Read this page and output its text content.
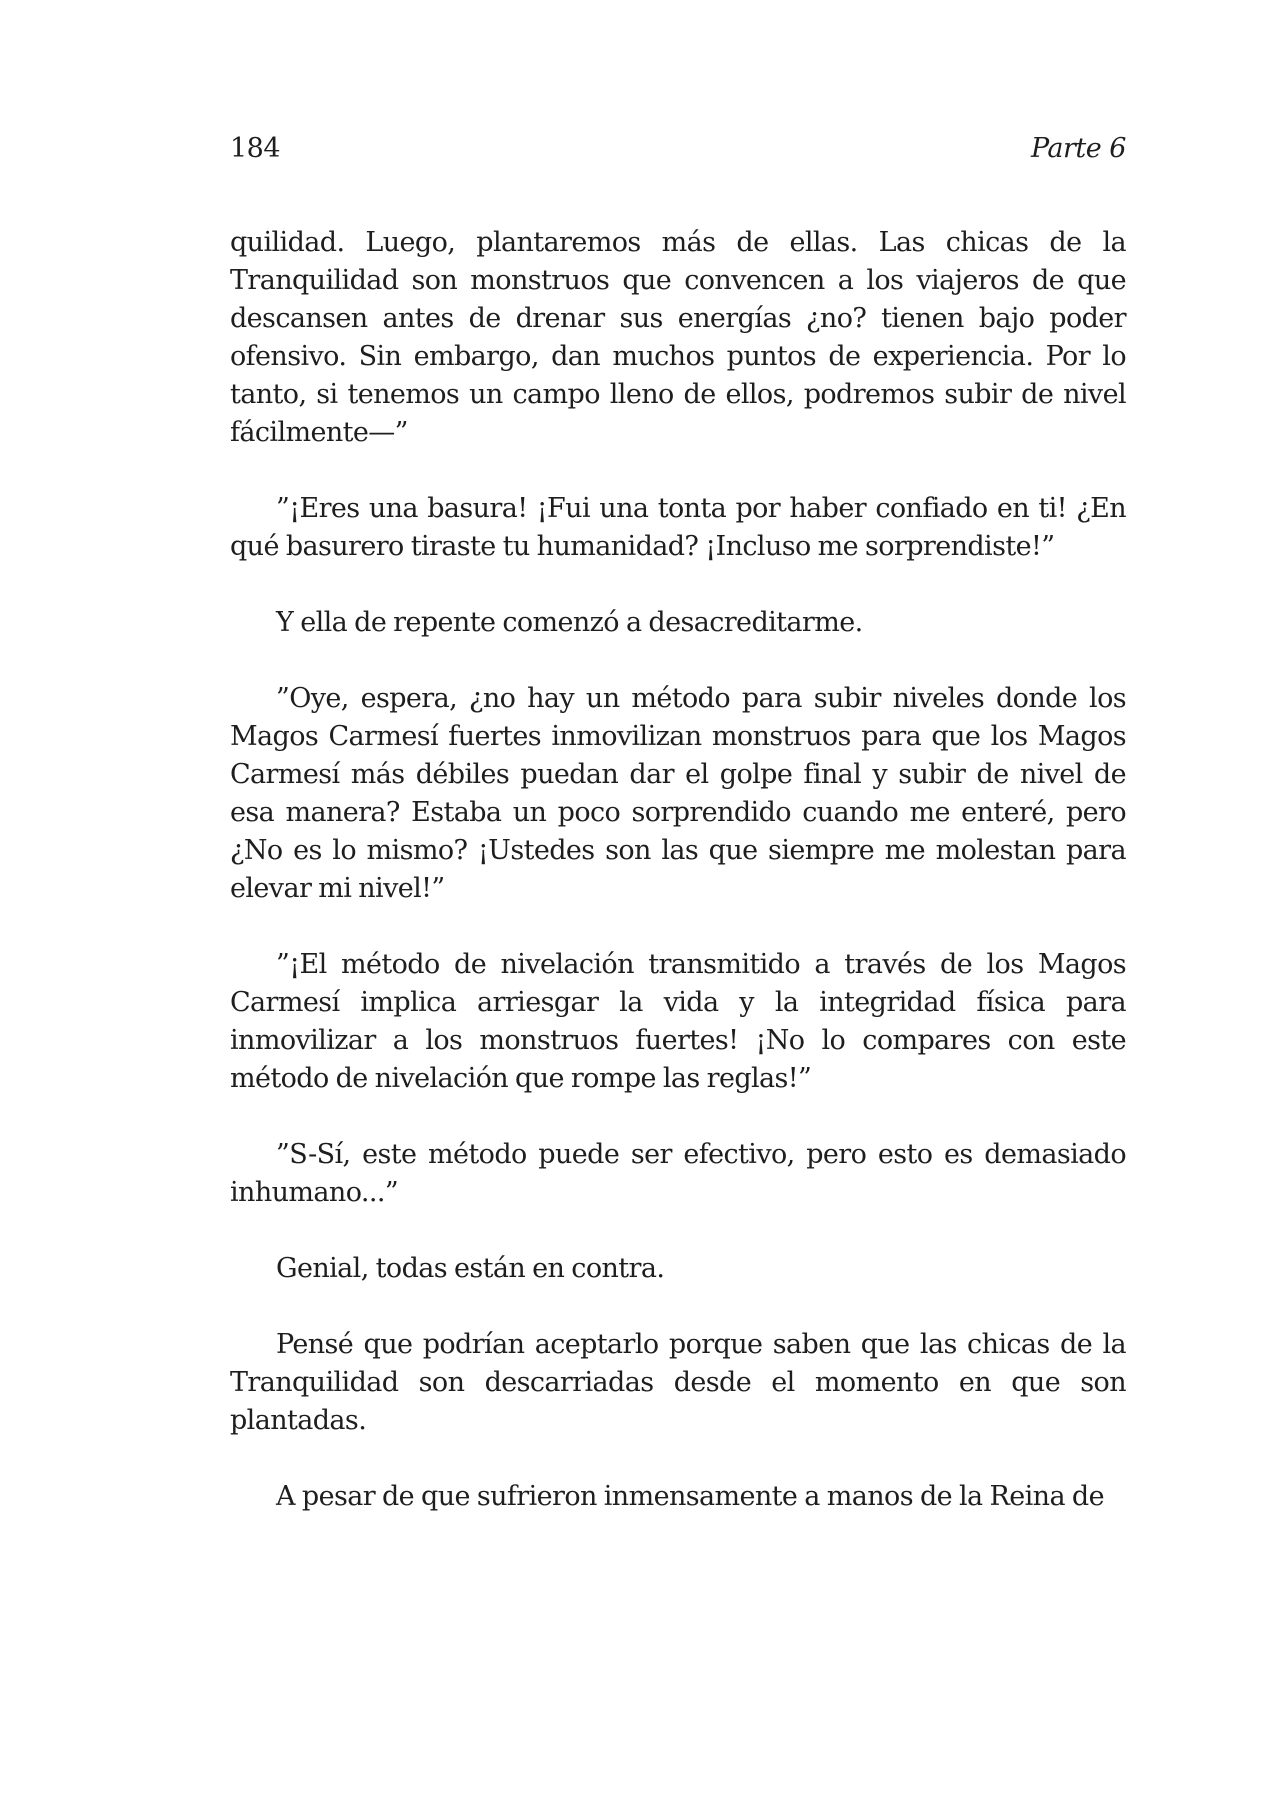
184	Parte 6

quilidad. Luego, plantaremos más de ellas. Las chicas de la Tranquilidad son monstruos que convencen a los viajeros de que descansen antes de drenar sus energías ¿no? tienen bajo poder ofensivo. Sin embargo, dan muchos puntos de experiencia. Por lo tanto, si tenemos un campo lleno de ellos, podremos subir de nivel fácilmente—”

”¡Eres una basura! ¡Fui una tonta por haber confiado en ti! ¿En qué basurero tiraste tu humanidad? ¡Incluso me sorprendiste!”

Y ella de repente comenzó a desacreditarme.

”Oye, espera, ¿no hay un método para subir niveles donde los Magos Carmesí fuertes inmovilizan monstruos para que los Magos Carmesí más débiles puedan dar el golpe final y subir de nivel de esa manera? Estaba un poco sorprendido cuando me enteré, pero ¿No es lo mismo? ¡Ustedes son las que siempre me molestan para elevar mi nivel!”

”¡El método de nivelación transmitido a través de los Magos Carmesí implica arriesgar la vida y la integridad física para inmovilizar a los monstruos fuertes! ¡No lo compares con este método de nivelación que rompe las reglas!”

”S-Sí, este método puede ser efectivo, pero esto es demasiado inhumano...”

Genial, todas están en contra.

Pensé que podrían aceptarlo porque saben que las chicas de la Tranquilidad son descarriadas desde el momento en que son plantadas.

A pesar de que sufrieron inmensamente a manos de la Reina de
